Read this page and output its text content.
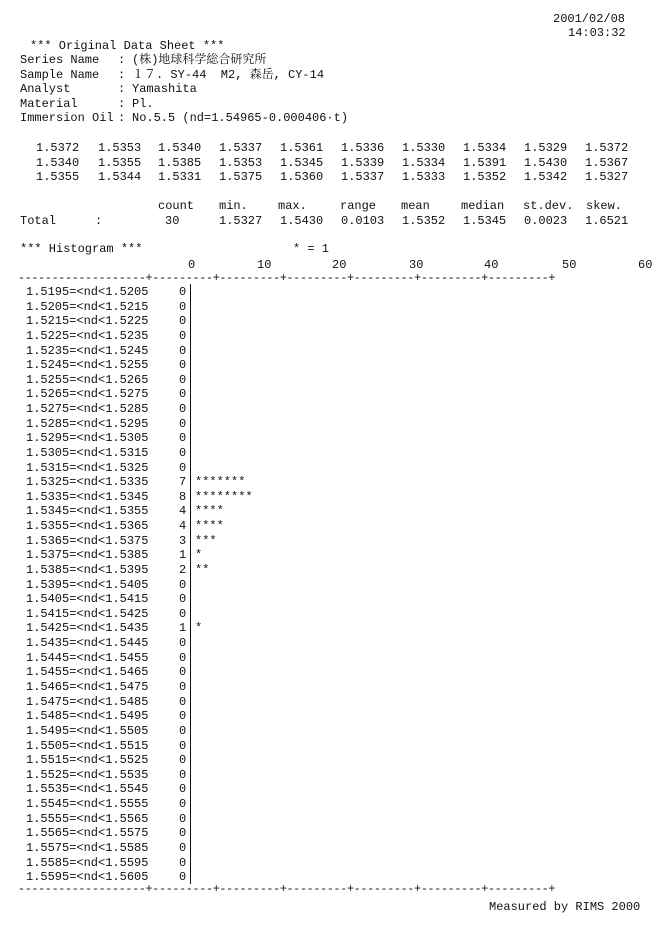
2001/02/08
14:03:32
*** Original Data Sheet ***
Series Name : (株)地球科学総合研究所
Sample Name : １７. SY-44  M2, 森岳, CY-14
Analyst	: Yamashita
Material	: Pl.
Immersion Oil : No.5.5 (nd=1.54965-0.000406·t)
1.5372 1.5353 1.5340 1.5337 1.5361 1.5336 1.5330 1.5334 1.5329 1.5372
1.5340 1.5355 1.5385 1.5353 1.5345 1.5339 1.5334 1.5391 1.5430 1.5367
1.5355 1.5344 1.5331 1.5375 1.5360 1.5337 1.5333 1.5352 1.5342 1.5327
count min.	max.	range mean	median st.dev. skew.
Total	:	30	1.5327 1.5430 0.0103 1.5352 1.5345 0.0023 1.6521
*** Histogram ***	* = 1
0	10	20	30	40	50	60
-------------------+---------+---------+---------+---------+---------+---------+
1.5195=<nd<1.5205	0
1.5205=<nd<1.5215	0
1.5215=<nd<1.5225	0
1.5225=<nd<1.5235	0
1.5235=<nd<1.5245	0
1.5245=<nd<1.5255	0
1.5255=<nd<1.5265	0
1.5265=<nd<1.5275	0
1.5275=<nd<1.5285	0
1.5285=<nd<1.5295	0
1.5295=<nd<1.5305	0
1.5305=<nd<1.5315	0
1.5315=<nd<1.5325	0
1.5325=<nd<1.5335	7 *******
1.5335=<nd<1.5345	8 ********
1.5345=<nd<1.5355	4 ****
1.5355=<nd<1.5365	4 ****
1.5365=<nd<1.5375	3 ***
1.5375=<nd<1.5385	1 *
1.5385=<nd<1.5395	2 **
1.5395=<nd<1.5405	0
1.5405=<nd<1.5415	0
1.5415=<nd<1.5425	0
1.5425=<nd<1.5435	1 *
1.5435=<nd<1.5445	0
1.5445=<nd<1.5455	0
1.5455=<nd<1.5465	0
1.5465=<nd<1.5475	0
1.5475=<nd<1.5485	0
1.5485=<nd<1.5495	0
1.5495=<nd<1.5505	0
1.5505=<nd<1.5515	0
1.5515=<nd<1.5525	0
1.5525=<nd<1.5535	0
1.5535=<nd<1.5545	0
1.5545=<nd<1.5555	0
1.5555=<nd<1.5565	0
1.5565=<nd<1.5575	0
1.5575=<nd<1.5585	0
1.5585=<nd<1.5595	0
1.5595=<nd<1.5605	0
-------------------+---------+---------+---------+---------+---------+---------+
Measured by RIMS 2000
